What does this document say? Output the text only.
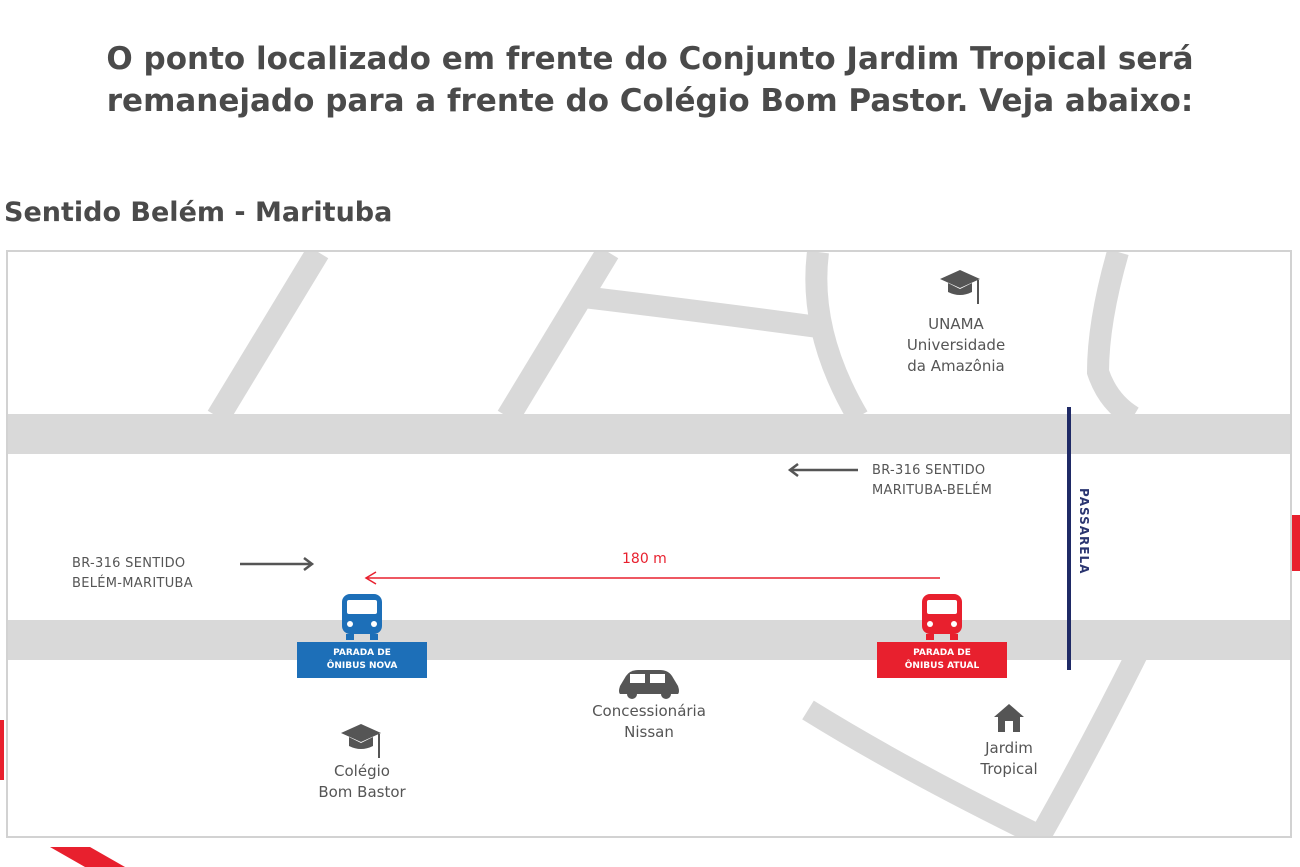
O ponto localizado em frente do Conjunto Jardim Tropical será
remanejado para a frente do Colégio Bom Pastor. Veja abaixo:
Sentido Belém - Marituba
UNAMA
Universidade
da Amazônia
BR-316 SENTIDO
MARITUBA-BELÉM
BR-316 SENTIDO
BELÉM-MARITUBA
180 m	PASSARELA
PARADA DE
ÔNIBUS NOVA
PARADA DE
ÔNIBUS ATUAL
Concessionária
Nissan
Jardim
Tropical
Colégio
Bom Bastor
